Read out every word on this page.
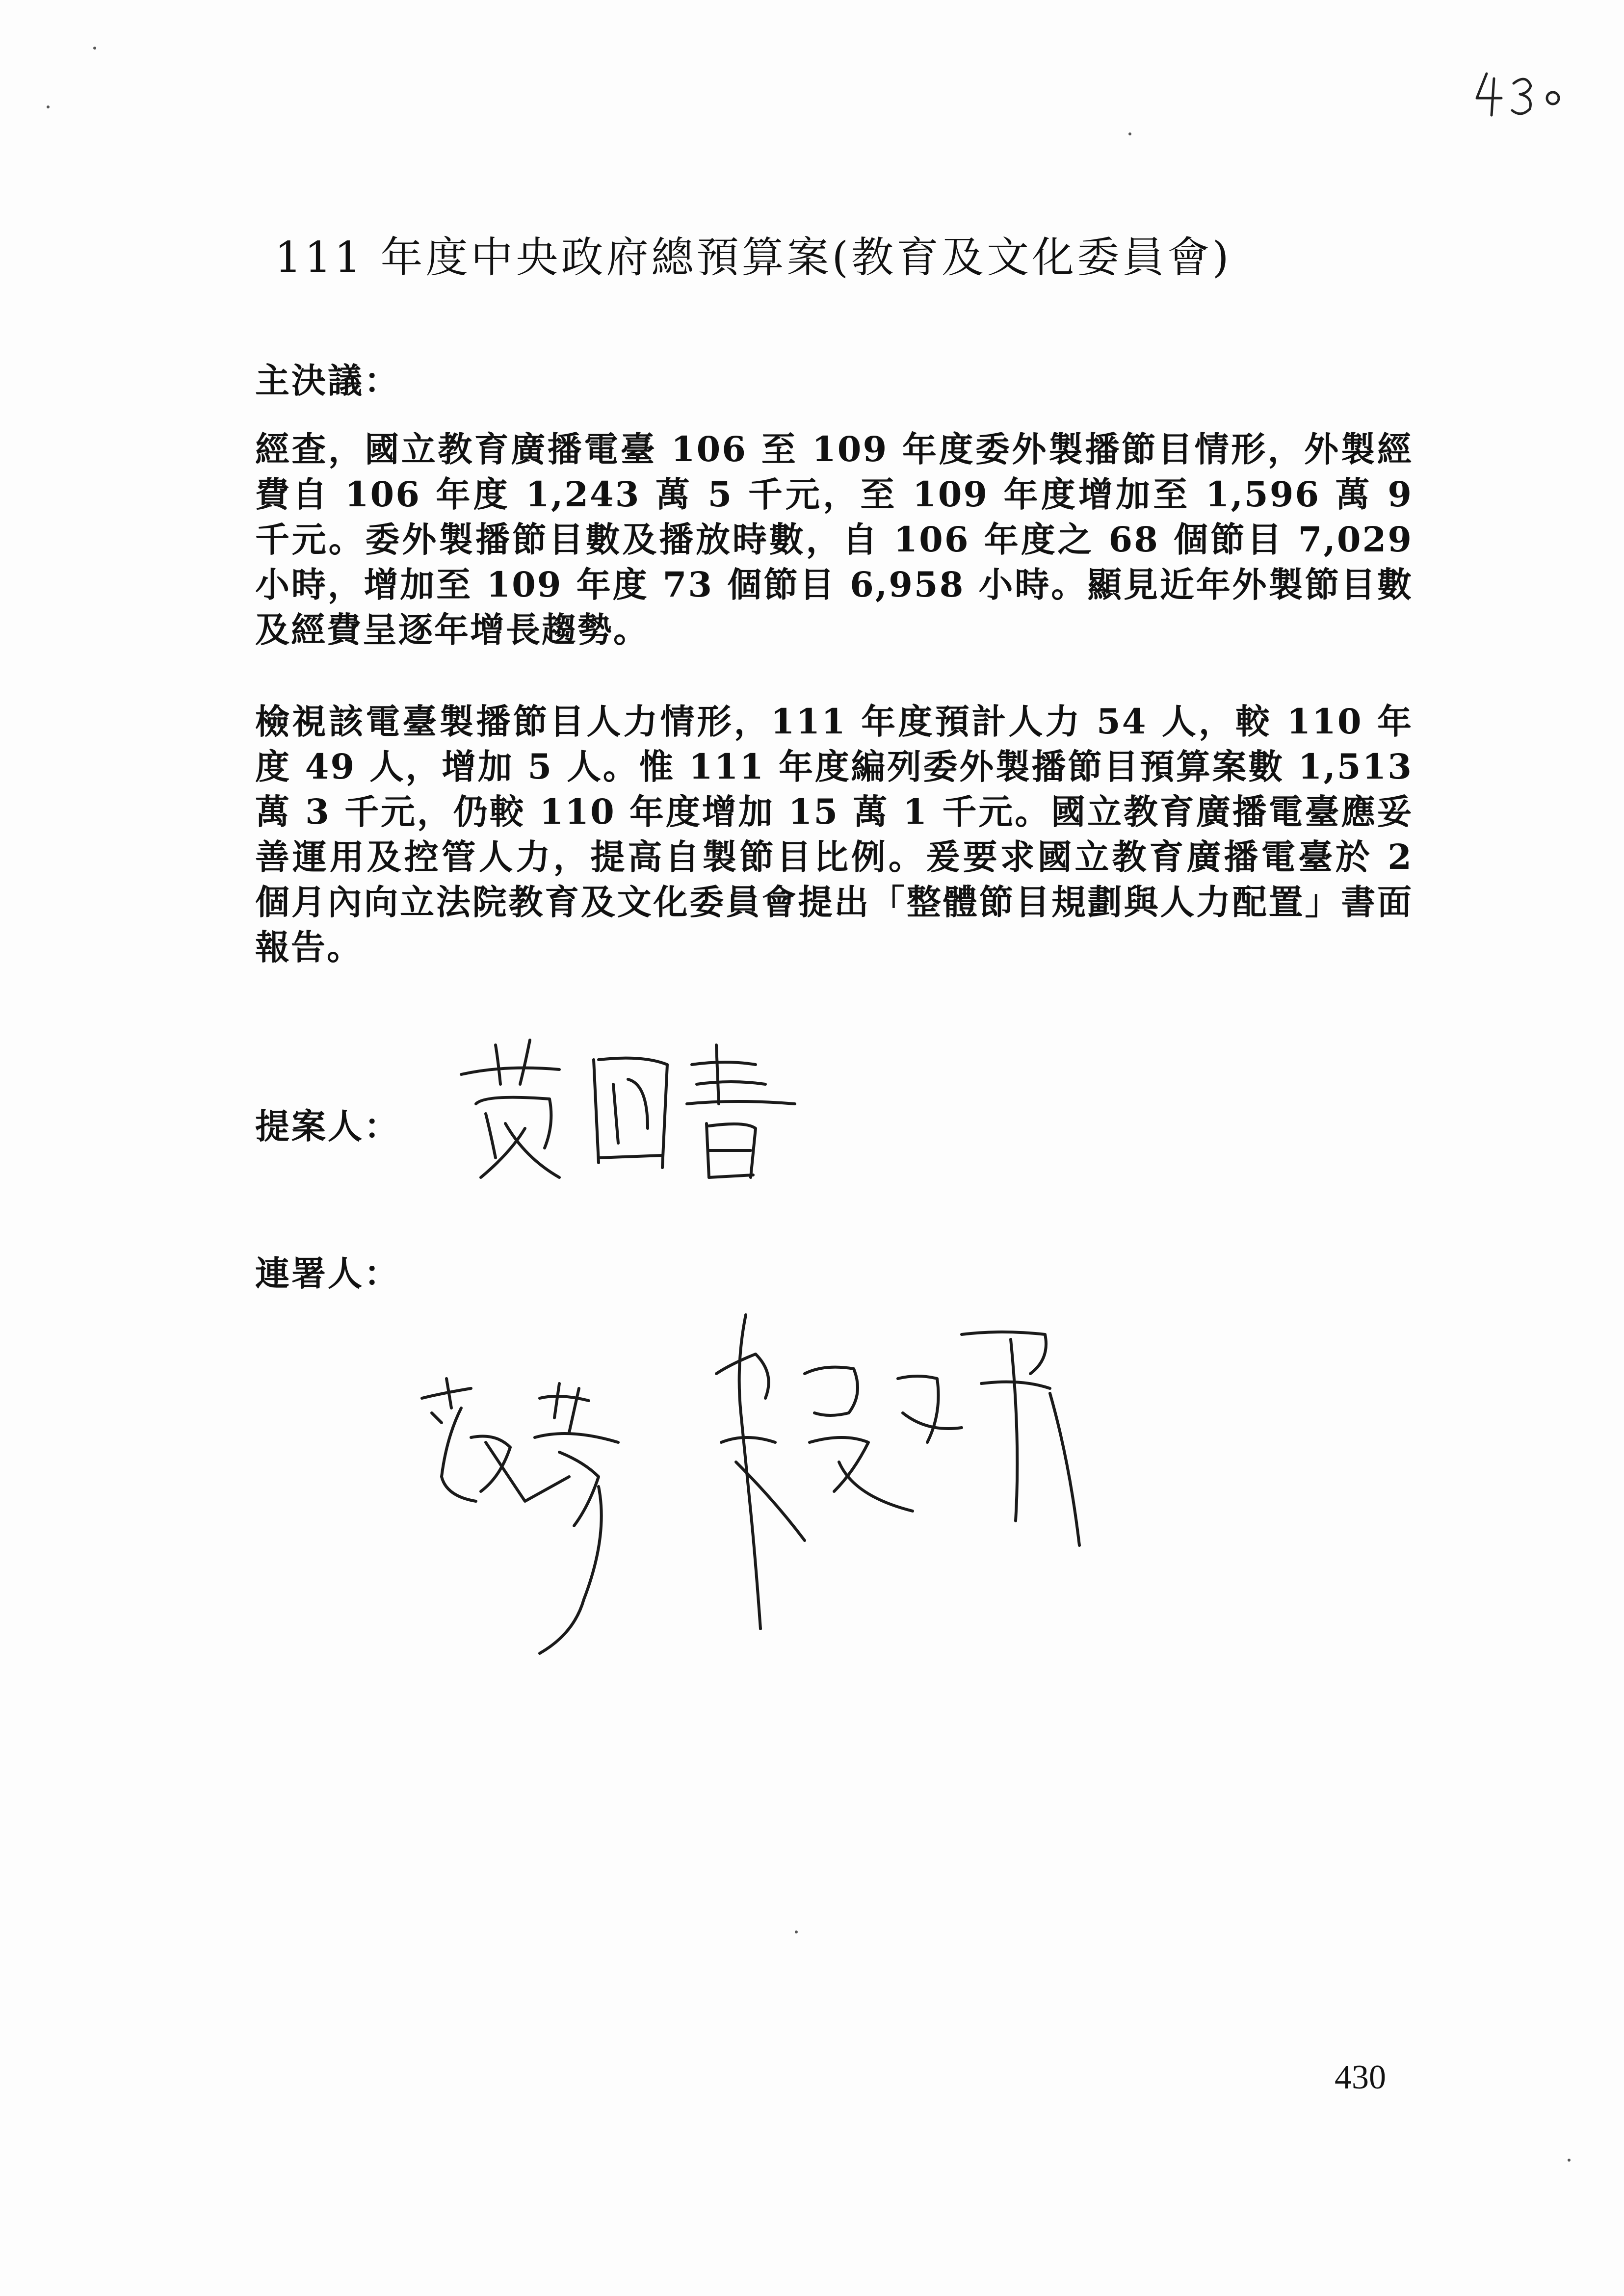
111 年度中央政府總預算案(教育及文化委員會)
主決議：
經查，國立教育廣播電臺 106 至 109 年度委外製播節目情形，外製經費自 106 年度 1,243 萬 5 千元，至 109 年度增加至 1,596 萬 9 千元。委外製播節目數及播放時數，自 106 年度之 68 個節目 7,029 小時，增加至 109 年度 73 個節目 6,958 小時。顯見近年外製節目數及經費呈逐年增長趨勢。
檢視該電臺製播節目人力情形，111 年度預計人力 54 人，較 110 年度 49 人，增加 5 人。惟 111 年度編列委外製播節目預算案數 1,513 萬 3 千元，仍較 110 年度增加 15 萬 1 千元。國立教育廣播電臺應妥善運用及控管人力，提高自製節目比例。爰要求國立教育廣播電臺於 2 個月內向立法院教育及文化委員會提出「整體節目規劃與人力配置」書面報告。
提案人：
連署人：
430
